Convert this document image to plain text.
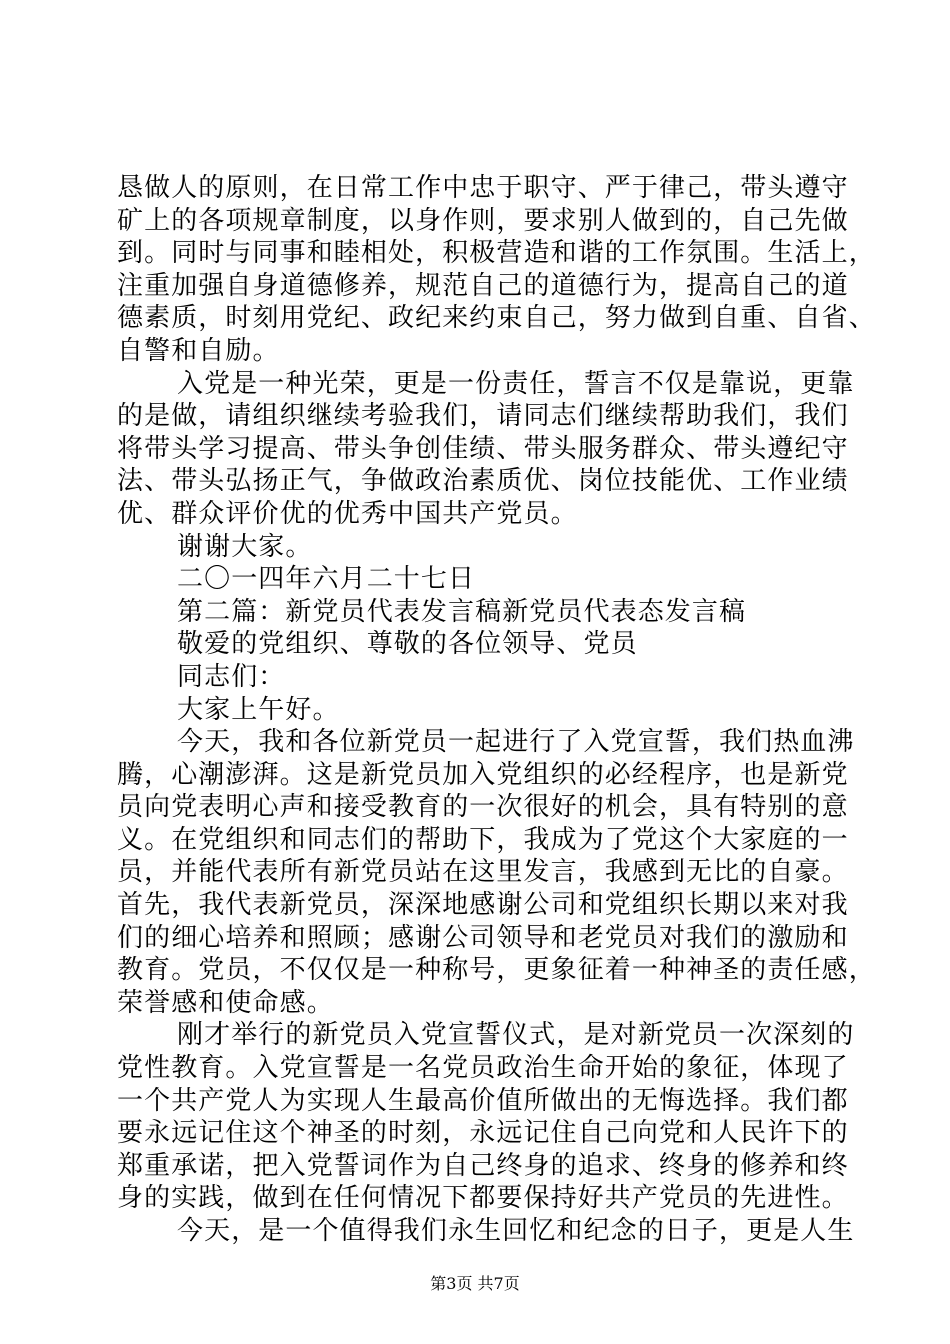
恳做人的原则，在日常工作中忠于职守、严于律己，带头遵守
矿上的各项规章制度，以身作则，要求别人做到的，自己先做
到。同时与同事和睦相处，积极营造和谐的工作氛围。生活上，
注重加强自身道德修养，规范自己的道德行为，提高自己的道
德素质，时刻用党纪、政纪来约束自己，努力做到自重、自省、
自警和自励。
入党是一种光荣，更是一份责任，誓言不仅是靠说，更靠
的是做，请组织继续考验我们，请同志们继续帮助我们，我们
将带头学习提高、带头争创佳绩、带头服务群众、带头遵纪守
法、带头弘扬正气，争做政治素质优、岗位技能优、工作业绩
优、群众评价优的优秀中国共产党员。
谢谢大家。
二〇一四年六月二十七日
第二篇：新党员代表发言稿新党员代表态发言稿
敬爱的党组织、尊敬的各位领导、党员
同志们：
大家上午好。
今天，我和各位新党员一起进行了入党宣誓，我们热血沸
腾，心潮澎湃。这是新党员加入党组织的必经程序，也是新党
员向党表明心声和接受教育的一次很好的机会，具有特别的意
义。在党组织和同志们的帮助下，我成为了党这个大家庭的一
员，并能代表所有新党员站在这里发言，我感到无比的自豪。
首先，我代表新党员，深深地感谢公司和党组织长期以来对我
们的细心培养和照顾；感谢公司领导和老党员对我们的激励和
教育。党员，不仅仅是一种称号，更象征着一种神圣的责任感，
荣誉感和使命感。
刚才举行的新党员入党宣誓仪式，是对新党员一次深刻的
党性教育。入党宣誓是一名党员政治生命开始的象征，体现了
一个共产党人为实现人生最高价值所做出的无悔选择。我们都
要永远记住这个神圣的时刻，永远记住自己向党和人民许下的
郑重承诺，把入党誓词作为自己终身的追求、终身的修养和终
身的实践，做到在任何情况下都要保持好共产党员的先进性。
今天，是一个值得我们永生回忆和纪念的日子，更是人生
第3页 共7页
